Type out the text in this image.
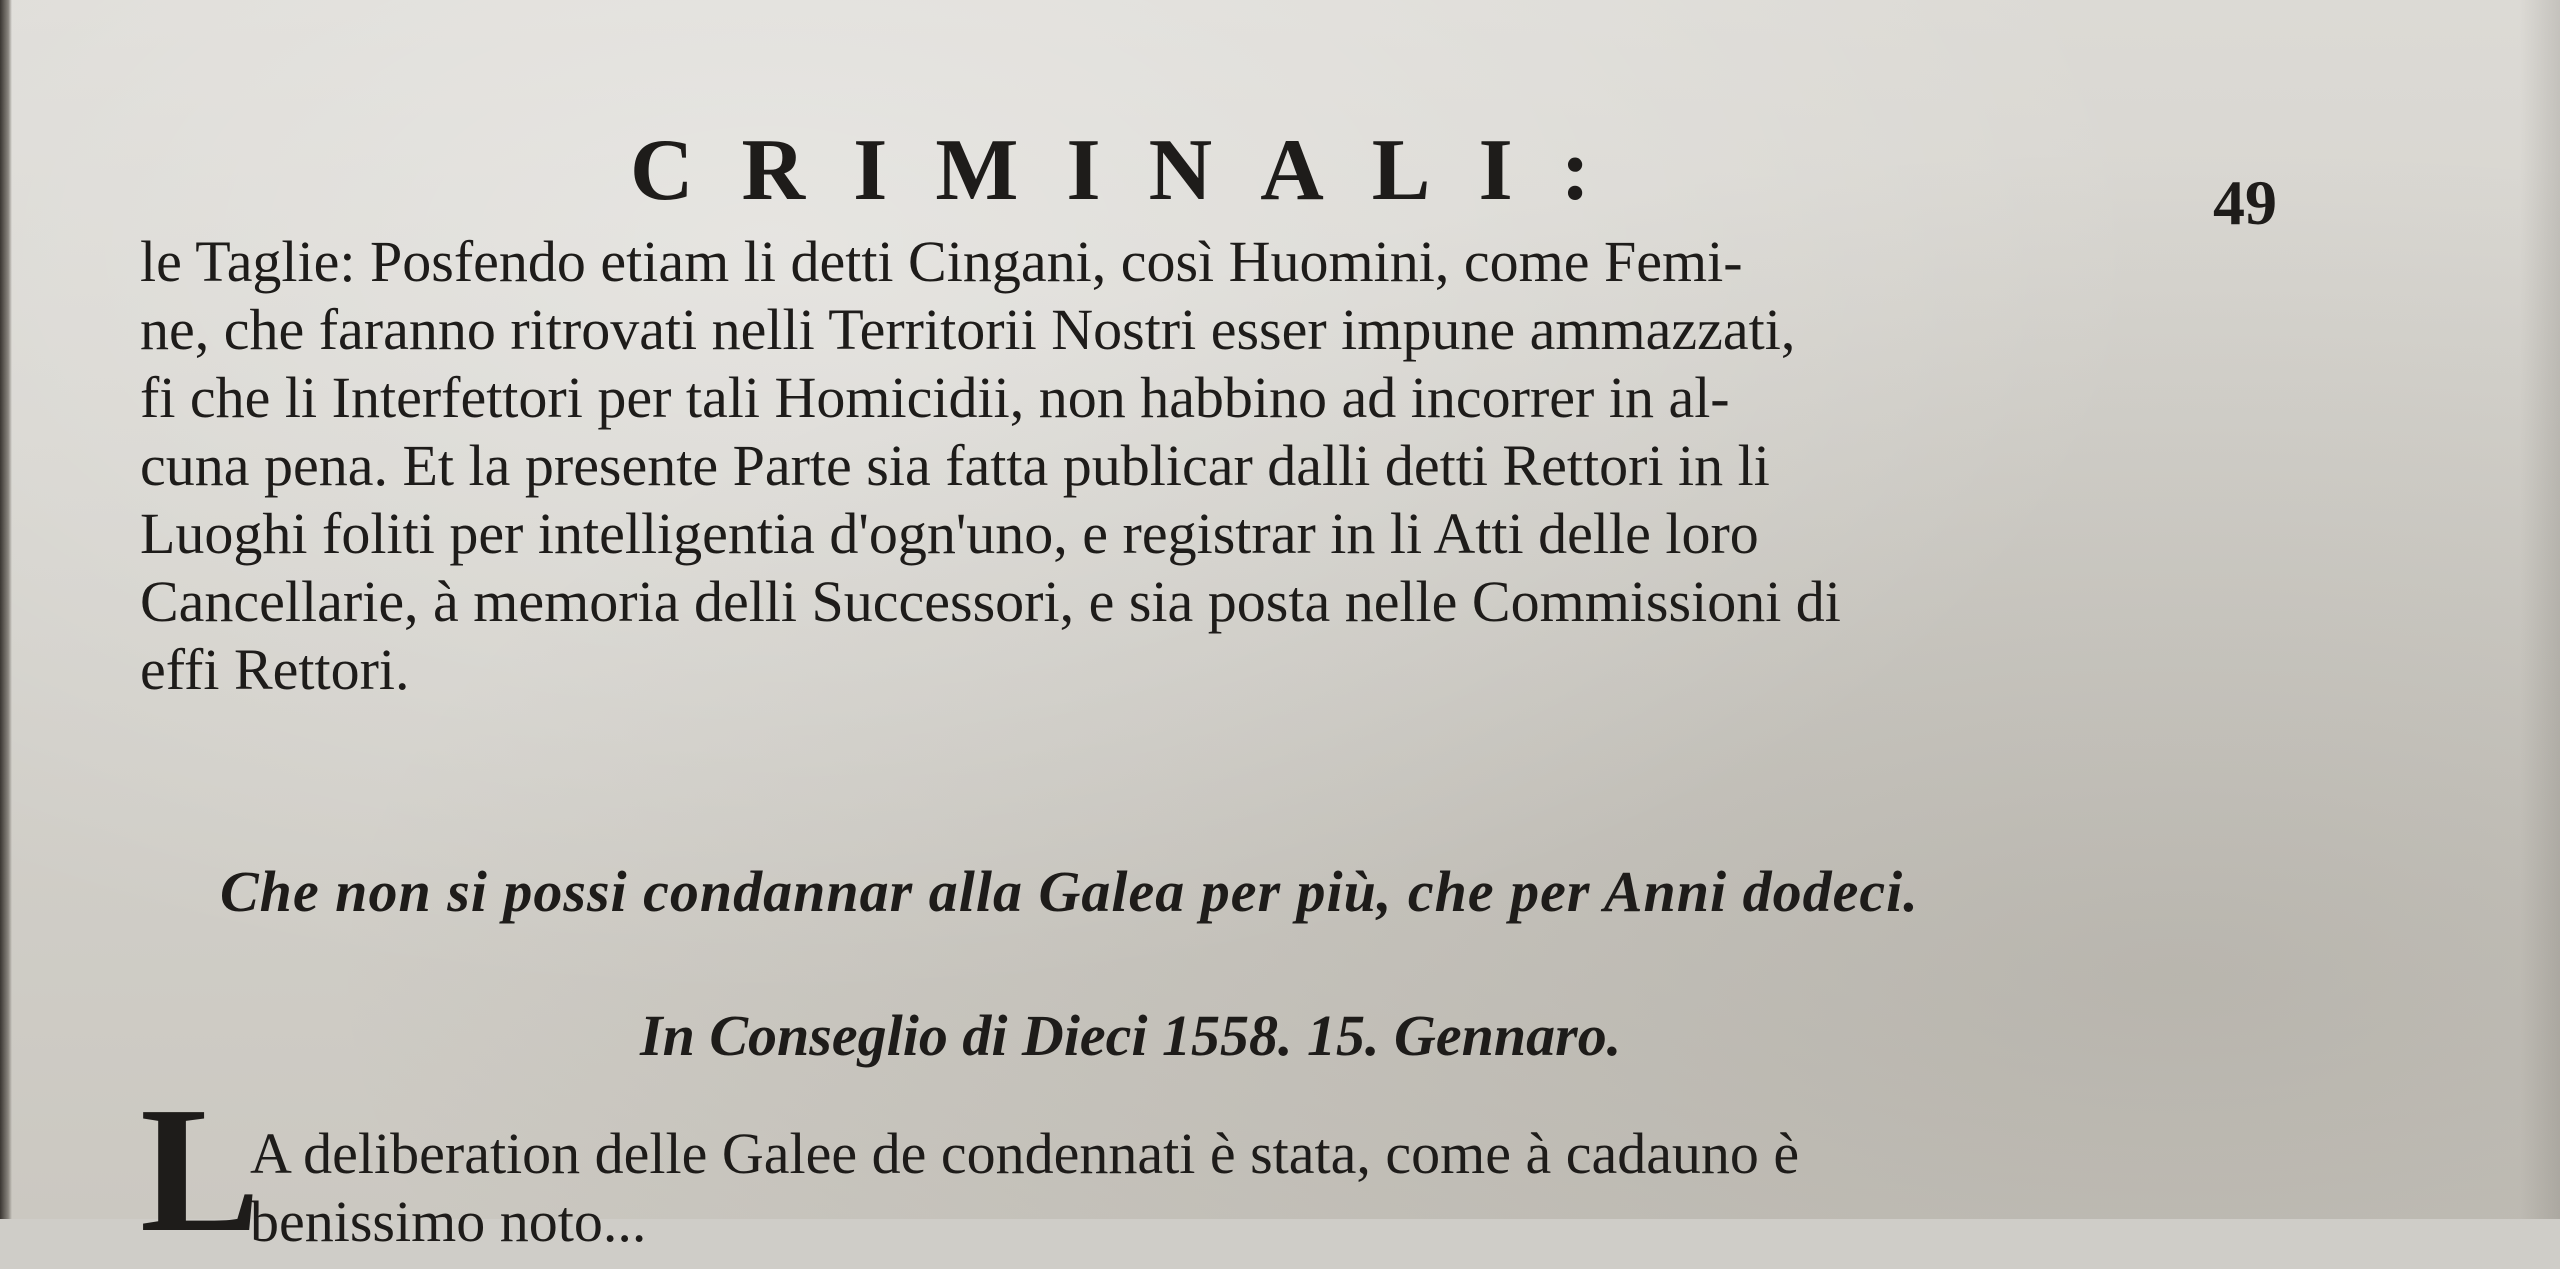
CRIMINALI:	49
le Taglie: Posfendo etiam li detti Cingani, così Huomini, come Femi-
ne, che faranno ritrovati nelli Territorii Nostri esser impune ammazzati,
fi che li Interfettori per tali Homicidii, non habbino ad incorrer in al-
cuna pena. Et la presente Parte sia fatta publicar dalli detti Rettori in li
Luoghi foliti per intelligentia d'ogn'uno, e registrar in li Atti delle loro
Cancellarie, à memoria delli Successori, e sia posta nelle Commissioni di
effi Rettori.
Che non si possi condannar alla Galea per più, che per Anni dodeci.
In Conseglio di Dieci 1558. 15. Gennaro.
L
A deliberation delle Galee de condennati è stata, come à cadauno è
benissimo noto...
